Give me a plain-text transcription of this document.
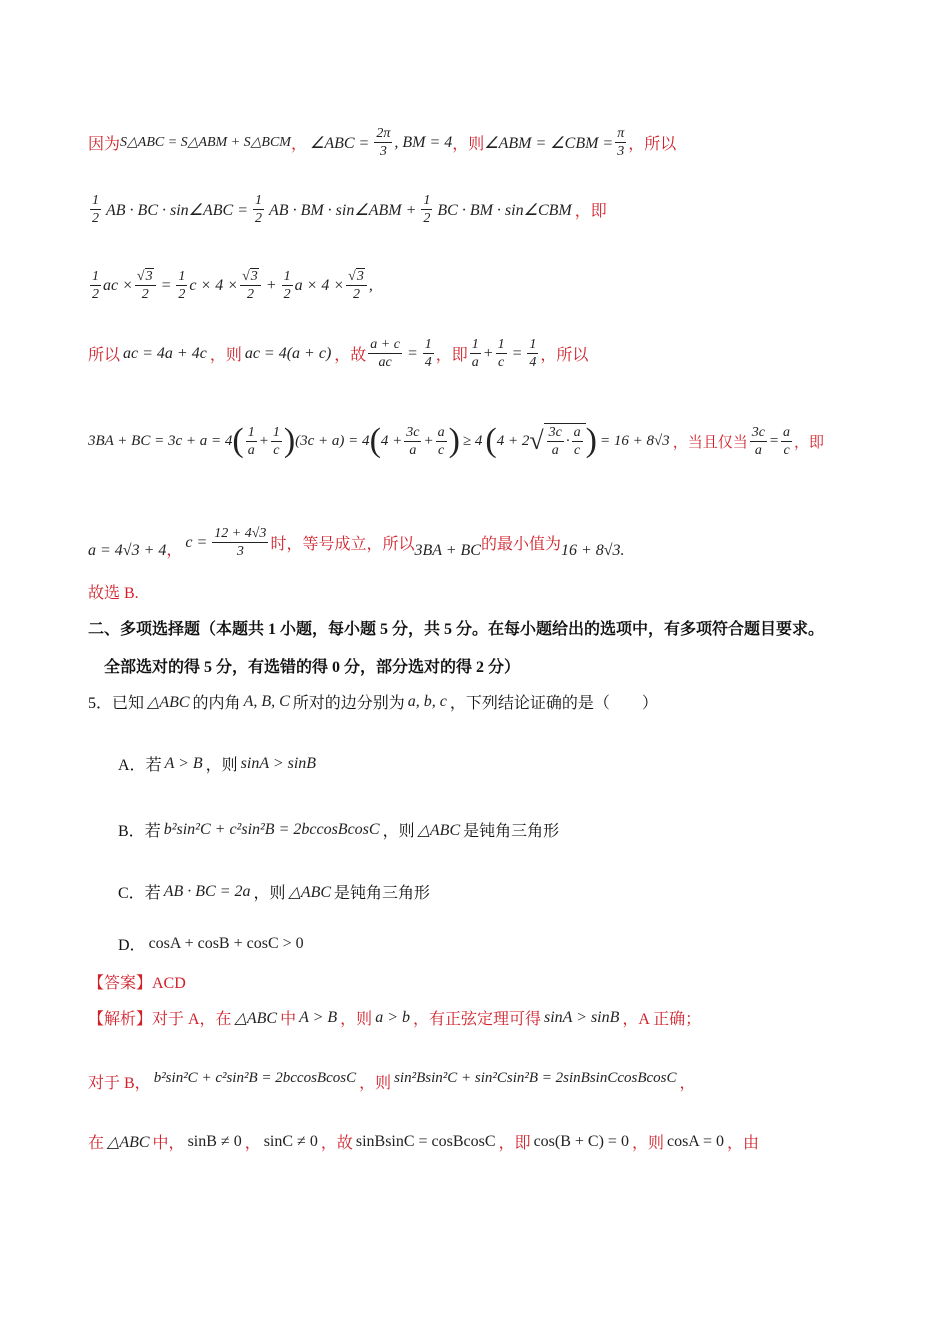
因为 S△ABC = S△ABM + S△BCM ， ∠ABC = $\frac{2\pi}{3}$ , BM = 4 ，则 ∠ABM = ∠CBM = $\frac{\pi}{3}$ ，所以
$\frac{1}{2}$ AB · BC · sin∠ABC = $\frac{1}{2}$ AB · BM · sin∠ABM + $\frac{1}{2}$ BC · BM · sin∠CBM ，即
$\frac{1}{2}$ ac × $\frac{√3}{2} = \frac{1}{2}$ $c \times 4 \times \frac{√3}{2} + \frac{1}{2}$ $a \times 4 \times \frac{√3}{2}$ ,
所以 ac = 4a + 4c ，则 ac = 4(a + c) ，故 $\frac{a + c}{ac} = \frac{1}{4}$ ，即 $\frac{1}{a} + \frac{1}{c} = \frac{1}{4}$ ，所以
3BA + BC = 3c + a = 4 ( $\frac{1}{a} + \frac{1}{c}$ ) (3c + a) = 4 ( $4 + \frac{3c}{a} + \frac{a}{c}$ ) ≥ 4 ( 4 + 2 √ $\frac{3c}{a} \cdot \frac{a}{c}$ ) = 16 + 8√3 ，当且仅当 $\frac{3c}{a} = \frac{a}{c}$ ，即
a = 4√3 + 4 ， $c = \frac{12 + 4√3}{3}$ 时，等号成立，所以 3BA + BC 的最小值为 16 + 8√3 .
故选 B.
二、多项选择题（本题共 1 小题，每小题 5 分，共 5 分。在每小题给出的选项中，有多项符合题目要求。
全部选对的得 5 分，有选错的得 0 分，部分选对的得 2 分）
5．已知 △ABC 的内角 A, B, C 所对的边分别为 a, b, c ，下列结论证确的是（　　）
A． 若 A > B ，则 sinA > sinB
B． 若 b²sin²C + c²sin²B = 2bccosBcosC ，则 △ABC 是钝角三角形
C． 若 AB · BC = 2a ，则 △ABC 是钝角三角形
D． cosA + cosB + cosC > 0
【答案】ACD
【解析】对于 A，在 △ABC 中 A > B ，则 a > b ，有正弦定理可得 sinA > sinB ，A 正确；
对于 B， b²sin²C + c²sin²B = 2bccosBcosC ，则 sin²Bsin²C + sin²Csin²B = 2sinBsinCcosBcosC ，
在 △ABC 中， sinB ≠ 0 ， sinC ≠ 0 ，故 sinBsinC = cosBcosC ，即 cos(B + C) = 0 ，则 cosA = 0 ，由
